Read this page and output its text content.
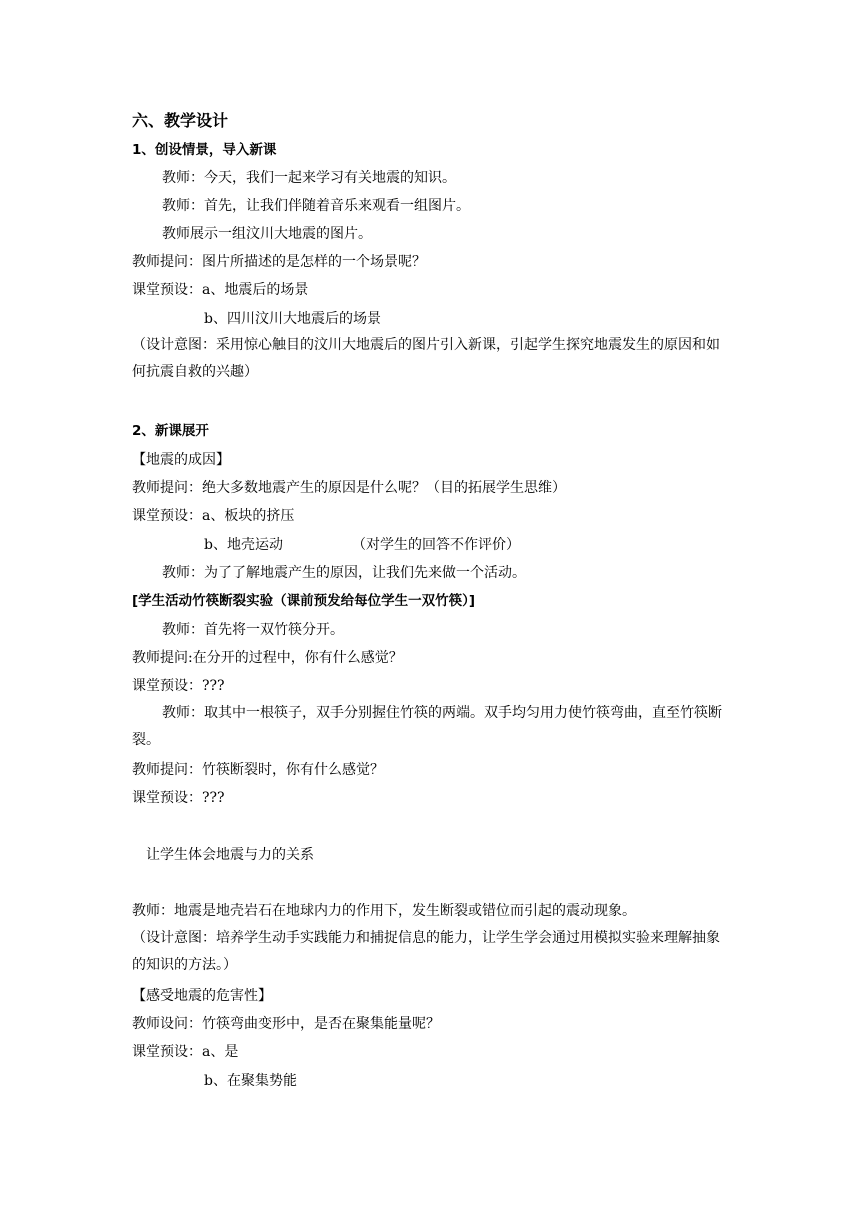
六、教学设计
1、创设情景，导入新课
教师：今天，我们一起来学习有关地震的知识。
教师：首先，让我们伴随着音乐来观看一组图片。
教师展示一组汶川大地震的图片。
教师提问：图片所描述的是怎样的一个场景呢？
课堂预设：a、地震后的场景
b、四川汶川大地震后的场景
（设计意图：采用惊心触目的汶川大地震后的图片引入新课，引起学生探究地震发生的原因和如何抗震自救的兴趣）
2、新课展开
【地震的成因】
教师提问：绝大多数地震产生的原因是什么呢？（目的拓展学生思维）
课堂预设：a、板块的挤压
b、地壳运动	（对学生的回答不作评价）
教师：为了了解地震产生的原因，让我们先来做一个活动。
[学生活动竹筷断裂实验（课前预发给每位学生一双竹筷）]
教师：首先将一双竹筷分开。
教师提问:在分开的过程中，你有什么感觉？
课堂预设：???
教师：取其中一根筷子，双手分别握住竹筷的两端。双手均匀用力使竹筷弯曲，直至竹筷断裂。
教师提问：竹筷断裂时，你有什么感觉？
课堂预设：???
让学生体会地震与力的关系
教师：地震是地壳岩石在地球内力的作用下，发生断裂或错位而引起的震动现象。
（设计意图：培养学生动手实践能力和捕捉信息的能力，让学生学会通过用模拟实验来理解抽象的知识的方法。）
【感受地震的危害性】
教师设问：竹筷弯曲变形中，是否在聚集能量呢？
课堂预设：a、是
b、在聚集势能
